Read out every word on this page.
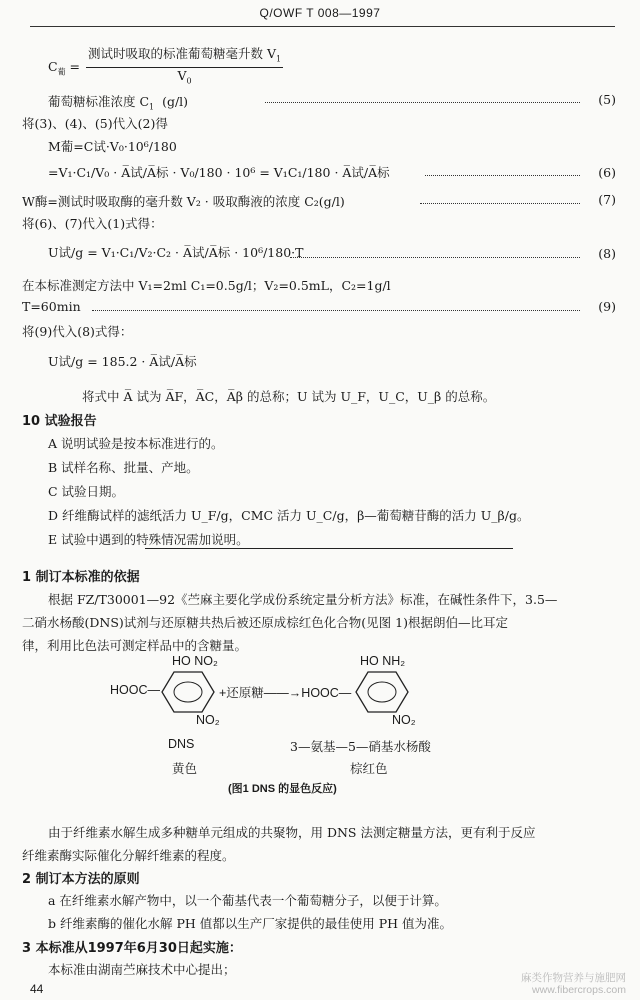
Q/OWF T 008—1997
$C_葡 = \frac{测试时吸取的标准葡萄糖毫升数 V_1}{V_0}$
葡萄糖标准浓度 $C_1$ (g/l)	(5)
将(3)、(4)、(5)代入(2)得
M葡=C试·V₀·10⁶/180
=V₁·C₁/V₀ · A̅试/A̅标 · V₀/180 · 10⁶ = V₁C₁/180 · A̅试/A̅标	(6)
W酶=测试时吸取酶的毫升数 V₂ · 吸取酶液的浓度 C₂(g/l)	(7)
将(6)、(7)代入(1)式得：
U试/g = V₁·C₁/V₂·C₂ · A̅试/A̅标 · 10⁶/180·T	(8)
在本标准测定方法中 V₁=2ml C₁=0.5g/l；V₂=0.5mL，C₂=1g/l
T=60min	(9)
将(9)代入(8)式得：
U试/g = 185.2 · A̅试/A̅标
将式中 A̅ 试为 A̅F，A̅C，A̅β 的总称；U 试为 U_F，U_C，U_β 的总称。
10 试验报告
A 说明试验是按本标准进行的。
B 试样名称、批量、产地。
C 试验日期。
D 纤维酶试样的滤纸活力 U_F/g，CMC 活力 U_C/g，β—葡萄糖苷酶的活力 U_β/g。
E 试验中遇到的特殊情况需加说明。
1 制订本标准的依据
根据 FZ/T30001—92《苎麻主要化学成份系统定量分析方法》标准，在碱性条件下，3.5—
二硝水杨酸(DNS)试剂与还原糖共热后被还原成棕红色化合物(见图 1)根据朗伯—比耳定
律，利用比色法可测定样品中的含糖量。
HO NO₂
HOOC—
NO₂
+还原糖——→HOOC—
HO NH₂
NO₂
DNS
黄色
3—氨基—5—硝基水杨酸
棕红色
(图1 DNS 的显色反应)
由于纤维素水解生成多种糖单元组成的共聚物，用 DNS 法测定糖量方法，更有利于反应
纤维素酶实际催化分解纤维素的程度。
2 制订本方法的原则
a 在纤维素水解产物中，以一个葡基代表一个葡萄糖分子，以便于计算。
b 纤维素酶的催化水解 PH 值都以生产厂家提供的最佳使用 PH 值为准。
3 本标准从1997年6月30日起实施：
本标准由湖南苎麻技术中心提出；
44
麻类作物营养与施肥网
www.fibercrops.com
